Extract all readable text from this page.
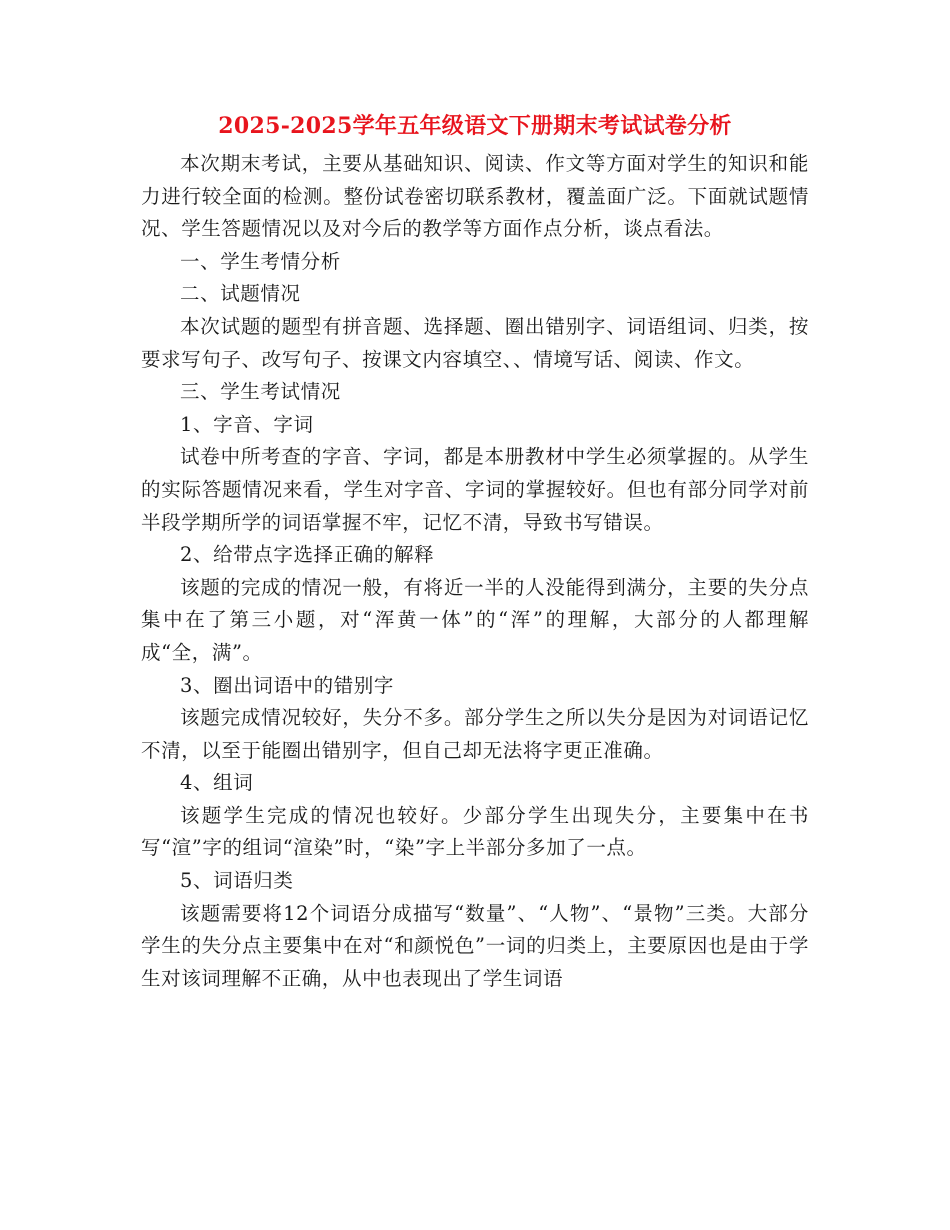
2025-2025学年五年级语文下册期末考试试卷分析

本次期末考试，主要从基础知识、阅读、作文等方面对学生的知识和能力进行较全面的检测。整份试卷密切联系教材，覆盖面广泛。下面就试题情况、学生答题情况以及对今后的教学等方面作点分析，谈点看法。

一、学生考情分析

二、试题情况

本次试题的题型有拼音题、选择题、圈出错别字、词语组词、归类，按要求写句子、改写句子、按课文内容填空、、情境写话、阅读、作文。

三、学生考试情况

1、字音、字词

试卷中所考查的字音、字词，都是本册教材中学生必须掌握的。从学生的实际答题情况来看，学生对字音、字词的掌握较好。但也有部分同学对前半段学期所学的词语掌握不牢，记忆不清，导致书写错误。

2、给带点字选择正确的解释

该题的完成的情况一般，有将近一半的人没能得到满分，主要的失分点集中在了第三小题，对“浑黄一体”的“浑”的理解，大部分的人都理解成“全，满”。

3、圈出词语中的错别字

该题完成情况较好，失分不多。部分学生之所以失分是因为对词语记忆不清，以至于能圈出错别字，但自己却无法将字更正准确。

4、组词

该题学生完成的情况也较好。少部分学生出现失分，主要集中在书写“渲”字的组词“渲染”时，“染”字上半部分多加了一点。

5、词语归类

该题需要将12个词语分成描写“数量”、“人物”、“景物”三类。大部分学生的失分点主要集中在对“和颜悦色”一词的归类上，主要原因也是由于学生对该词理解不正确，从中也表现出了学生词语
